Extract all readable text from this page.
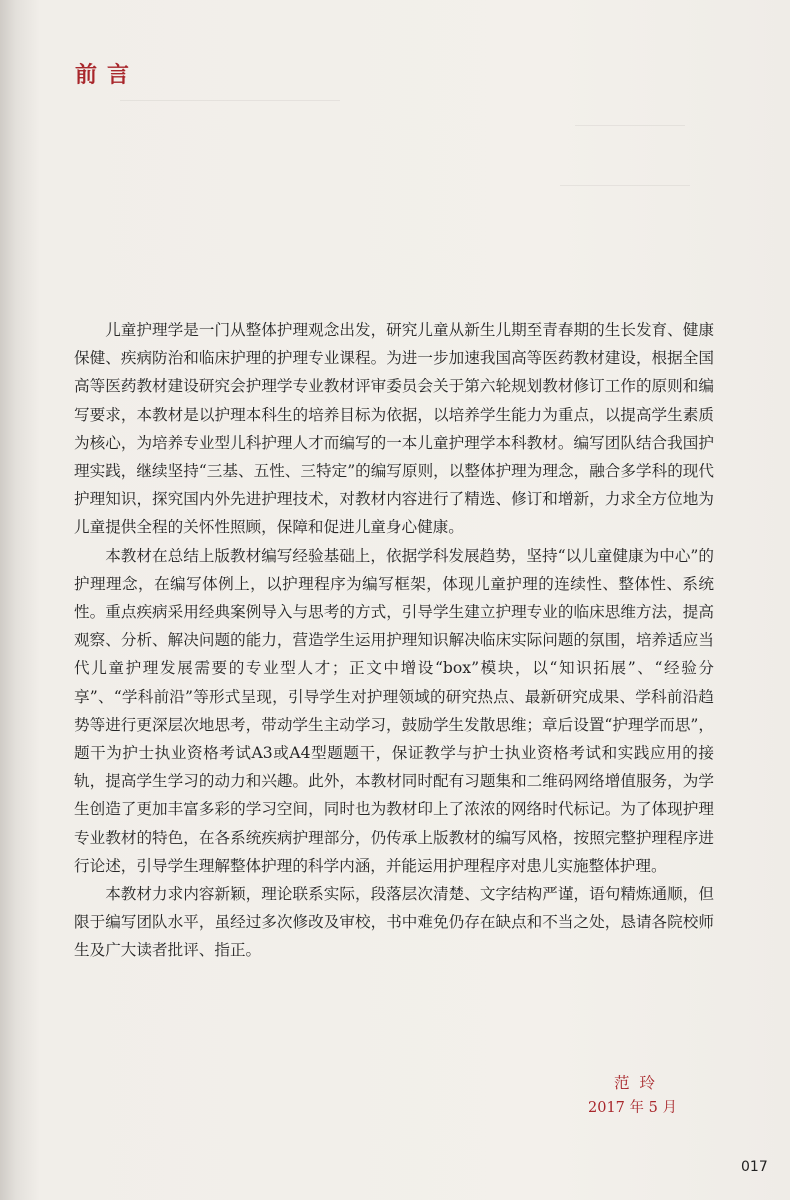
前言

儿童护理学是一门从整体护理观念出发，研究儿童从新生儿期至青春期的生长发育、健康保健、疾病防治和临床护理的护理专业课程。为进一步加速我国高等医药教材建设，根据全国高等医药教材建设研究会护理学专业教材评审委员会关于第六轮规划教材修订工作的原则和编写要求，本教材是以护理本科生的培养目标为依据，以培养学生能力为重点，以提高学生素质为核心，为培养专业型儿科护理人才而编写的一本儿童护理学本科教材。编写团队结合我国护理实践，继续坚持“三基、五性、三特定”的编写原则，以整体护理为理念，融合多学科的现代护理知识，探究国内外先进护理技术，对教材内容进行了精选、修订和增新，力求全方位地为儿童提供全程的关怀性照顾，保障和促进儿童身心健康。

本教材在总结上版教材编写经验基础上，依据学科发展趋势，坚持“以儿童健康为中心”的护理理念，在编写体例上，以护理程序为编写框架，体现儿童护理的连续性、整体性、系统性。重点疾病采用经典案例导入与思考的方式，引导学生建立护理专业的临床思维方法，提高观察、分析、解决问题的能力，营造学生运用护理知识解决临床实际问题的氛围，培养适应当代儿童护理发展需要的专业型人才；正文中增设“box”模块，以“知识拓展”、“经验分享”、“学科前沿”等形式呈现，引导学生对护理领域的研究热点、最新研究成果、学科前沿趋势等进行更深层次地思考，带动学生主动学习，鼓励学生发散思维；章后设置“护理学而思”，题干为护士执业资格考试A3或A4型题题干，保证教学与护士执业资格考试和实践应用的接轨，提高学生学习的动力和兴趣。此外，本教材同时配有习题集和二维码网络增值服务，为学生创造了更加丰富多彩的学习空间，同时也为教材印上了浓浓的网络时代标记。为了体现护理专业教材的特色，在各系统疾病护理部分，仍传承上版教材的编写风格，按照完整护理程序进行论述，引导学生理解整体护理的科学内涵，并能运用护理程序对患儿实施整体护理。

本教材力求内容新颖，理论联系实际，段落层次清楚、文字结构严谨，语句精炼通顺，但限于编写团队水平，虽经过多次修改及审校，书中难免仍存在缺点和不当之处，恳请各院校师生及广大读者批评、指正。

范玲
2017 年 5 月
017
